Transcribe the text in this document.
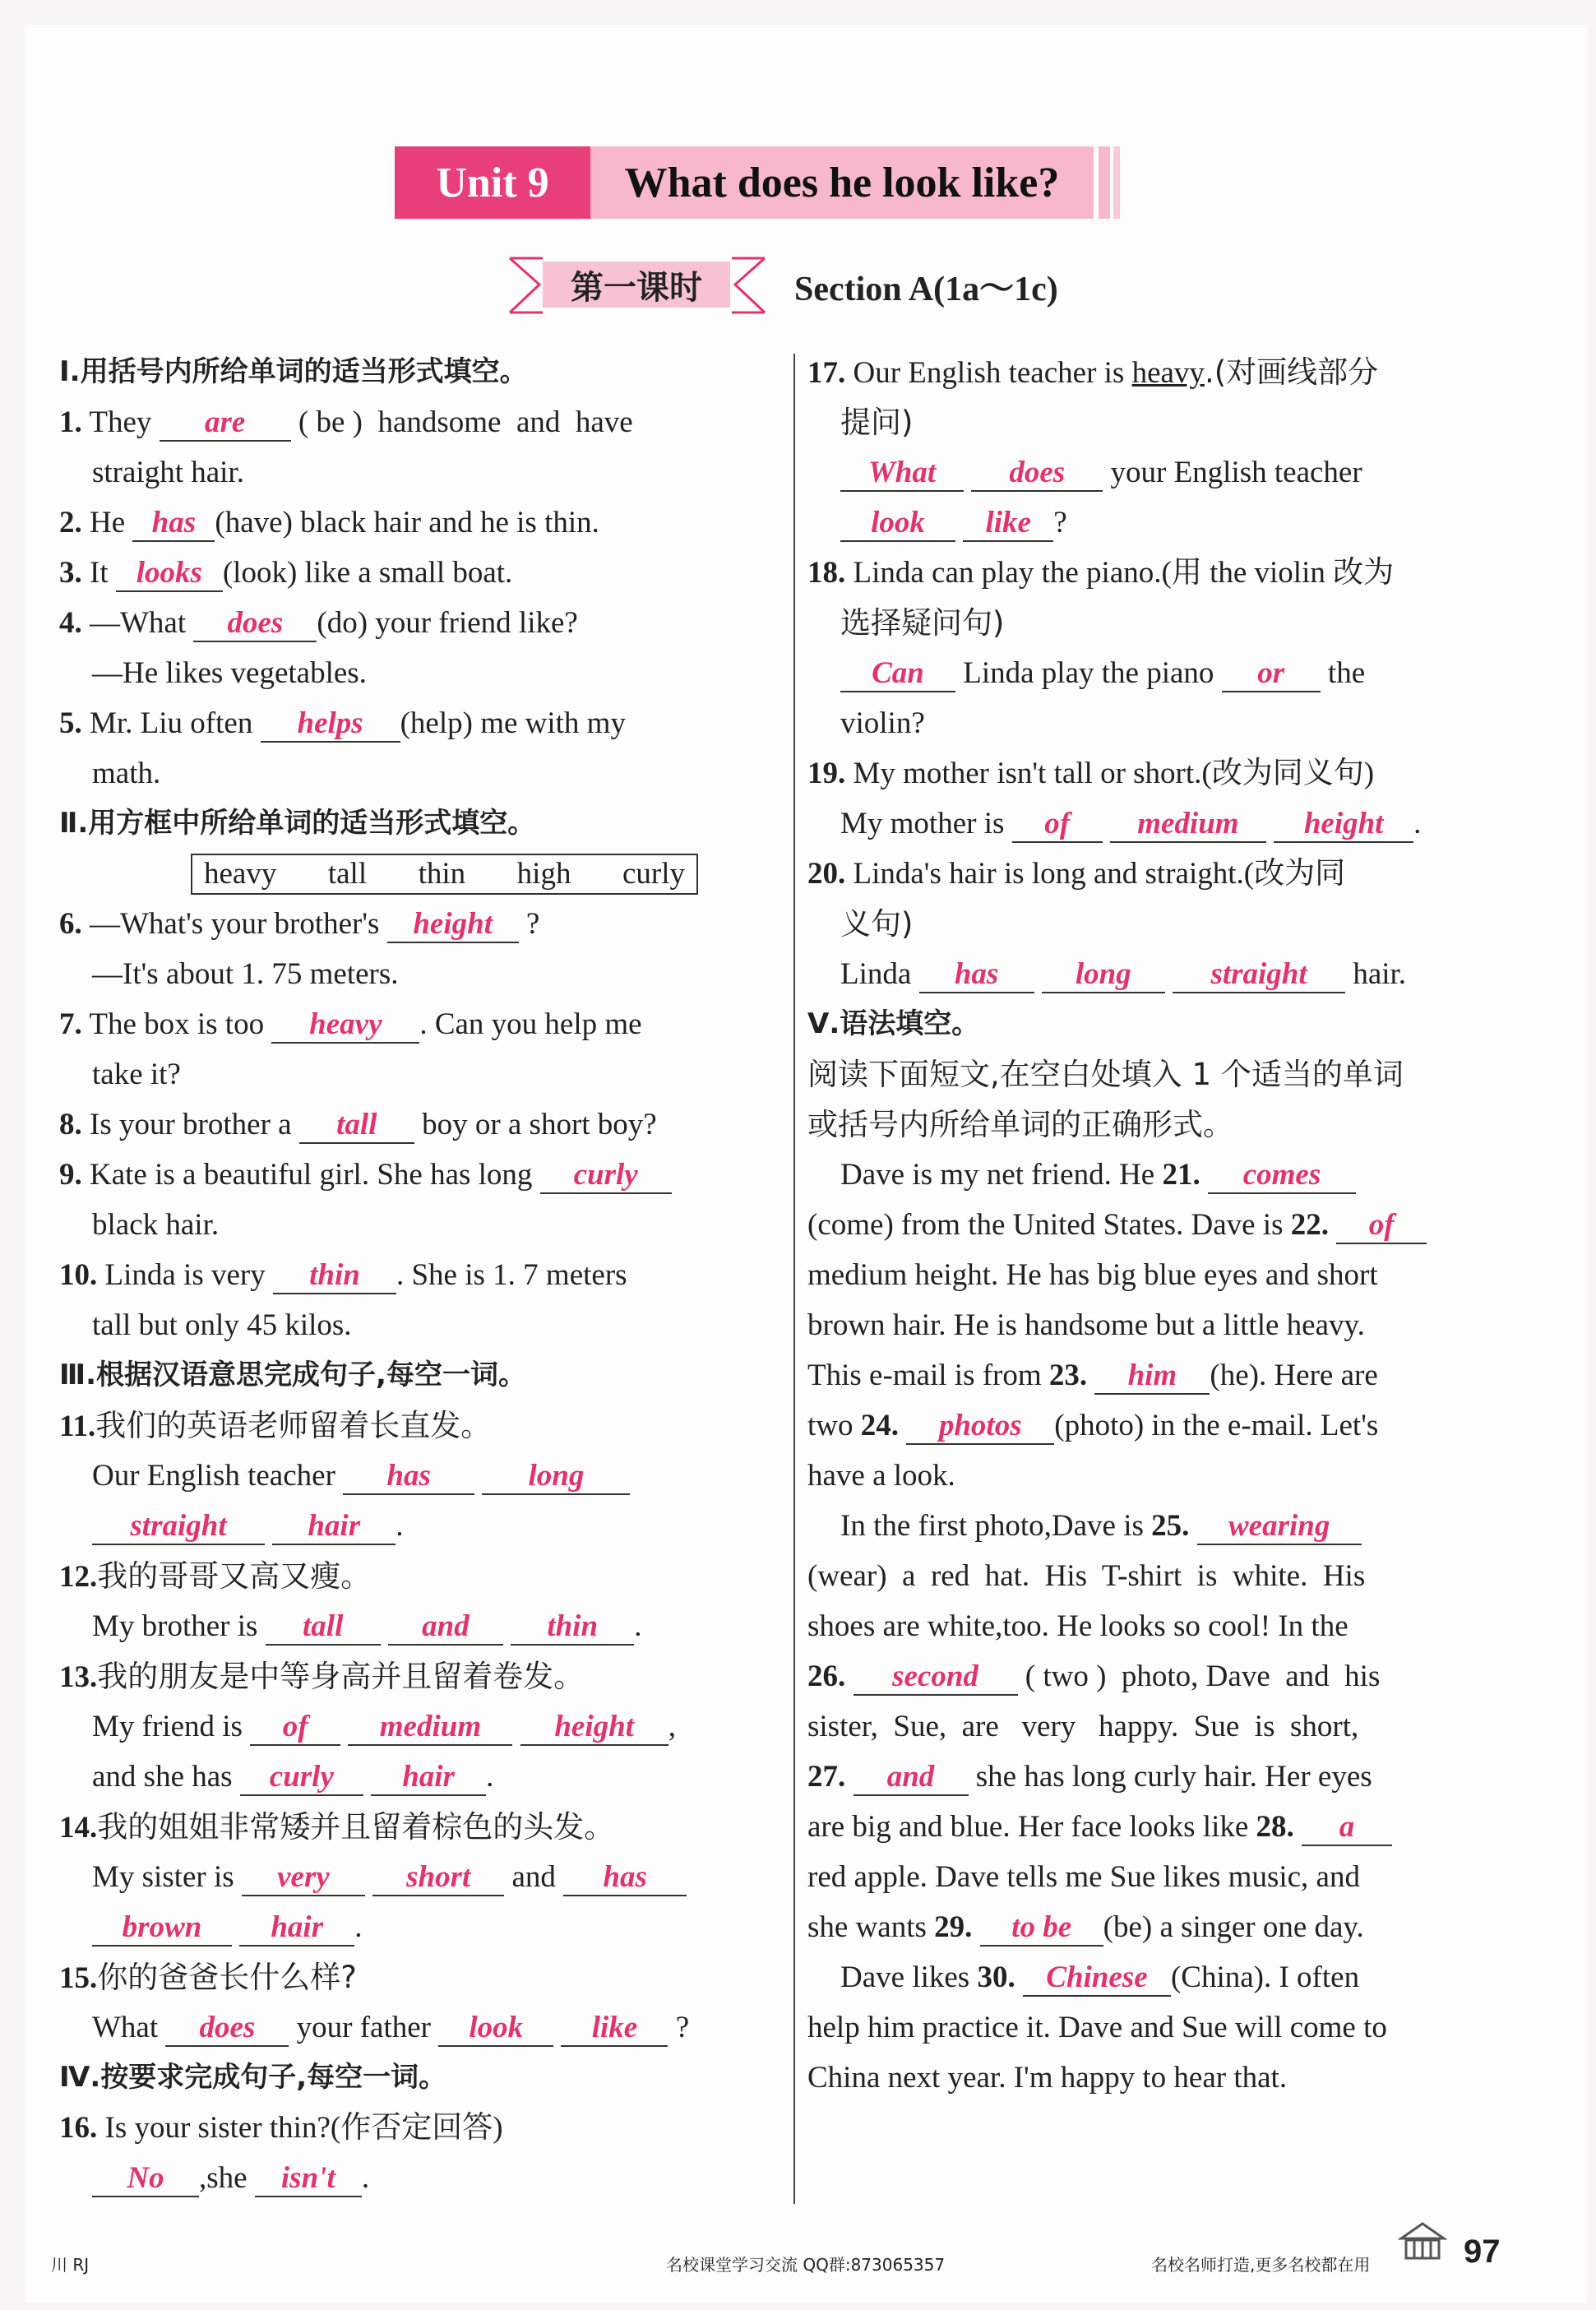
Unit 9	What does he look like?
第一课时	Section A(1a～1c)
Ⅰ.用括号内所给单词的适当形式填空。
1. They are ( be )  handsome  and  have
straight hair.
2. He has (have) black hair and he is thin.
3. It looks (look) like a small boat.
4. —What does (do) your friend like?
—He likes vegetables.
5. Mr. Liu often helps (help) me with my
math.
Ⅱ.用方框中所给单词的适当形式填空。
heavy  tall  thin  high  curly
6. —What's your brother's height ?
—It's about 1. 75 meters.
7. The box is too heavy . Can you help me
take it?
8. Is your brother a tall boy or a short boy?
9. Kate is a beautiful girl. She has long curly
black hair.
10. Linda is very thin . She is 1. 7 meters
tall but only 45 kilos.
Ⅲ.根据汉语意思完成句子,每空一词。
11.我们的英语老师留着长直发。
Our English teacher has	long
straight	hair .
12.我的哥哥又高又瘦。
My brother is tall	and	thin .
13.我的朋友是中等身高并且留着卷发。
My friend is of medium height ,
and she has curly hair .
14.我的姐姐非常矮并且留着棕色的头发。
My sister is very	short and has
brown hair .
15.你的爸爸长什么样?
What does your father look like ?
Ⅳ.按要求完成句子,每空一词。
16. Is your sister thin?(作否定回答)
No ,she isn't .
17. Our English teacher is heavy.(对画线部分
提问)
What does your English teacher
look like ?
18. Linda can play the piano.(用 the violin 改为
选择疑问句)
Can Linda play the piano or the
violin?
19. My mother isn't tall or short.(改为同义句)
My mother is of medium height .
20. Linda's hair is long and straight.(改为同
义句)
Linda has	long	straight hair.
Ⅴ.语法填空。
阅读下面短文,在空白处填入 1 个适当的单词
或括号内所给单词的正确形式。
Dave is my net friend. He 21. comes
(come) from the United States. Dave is 22. of
medium height. He has big blue eyes and short
brown hair. He is handsome but a little heavy.
This e-mail is from 23. him (he). Here are
two 24. photos (photo) in the e-mail. Let's
have a look.
In the first photo,Dave is 25. wearing
(wear)  a  red  hat.  His  T-shirt  is  white.  His
shoes are white,too. He looks so cool! In the
26. second ( two )  photo, Dave  and  his
sister,  Sue,  are   very   happy.  Sue  is  short,
27. and she has long curly hair. Her eyes
are big and blue. Her face looks like 28. a
red apple. Dave tells me Sue likes music, and
she wants 29. to be (be) a singer one day.
Dave likes 30. Chinese (China). I often
help him practice it. Dave and Sue will come to
China next year. I'm happy to hear that.
川 RJ	名校课堂学习交流 QQ群:873065357	名校名师打造,更多名校都在用	97
